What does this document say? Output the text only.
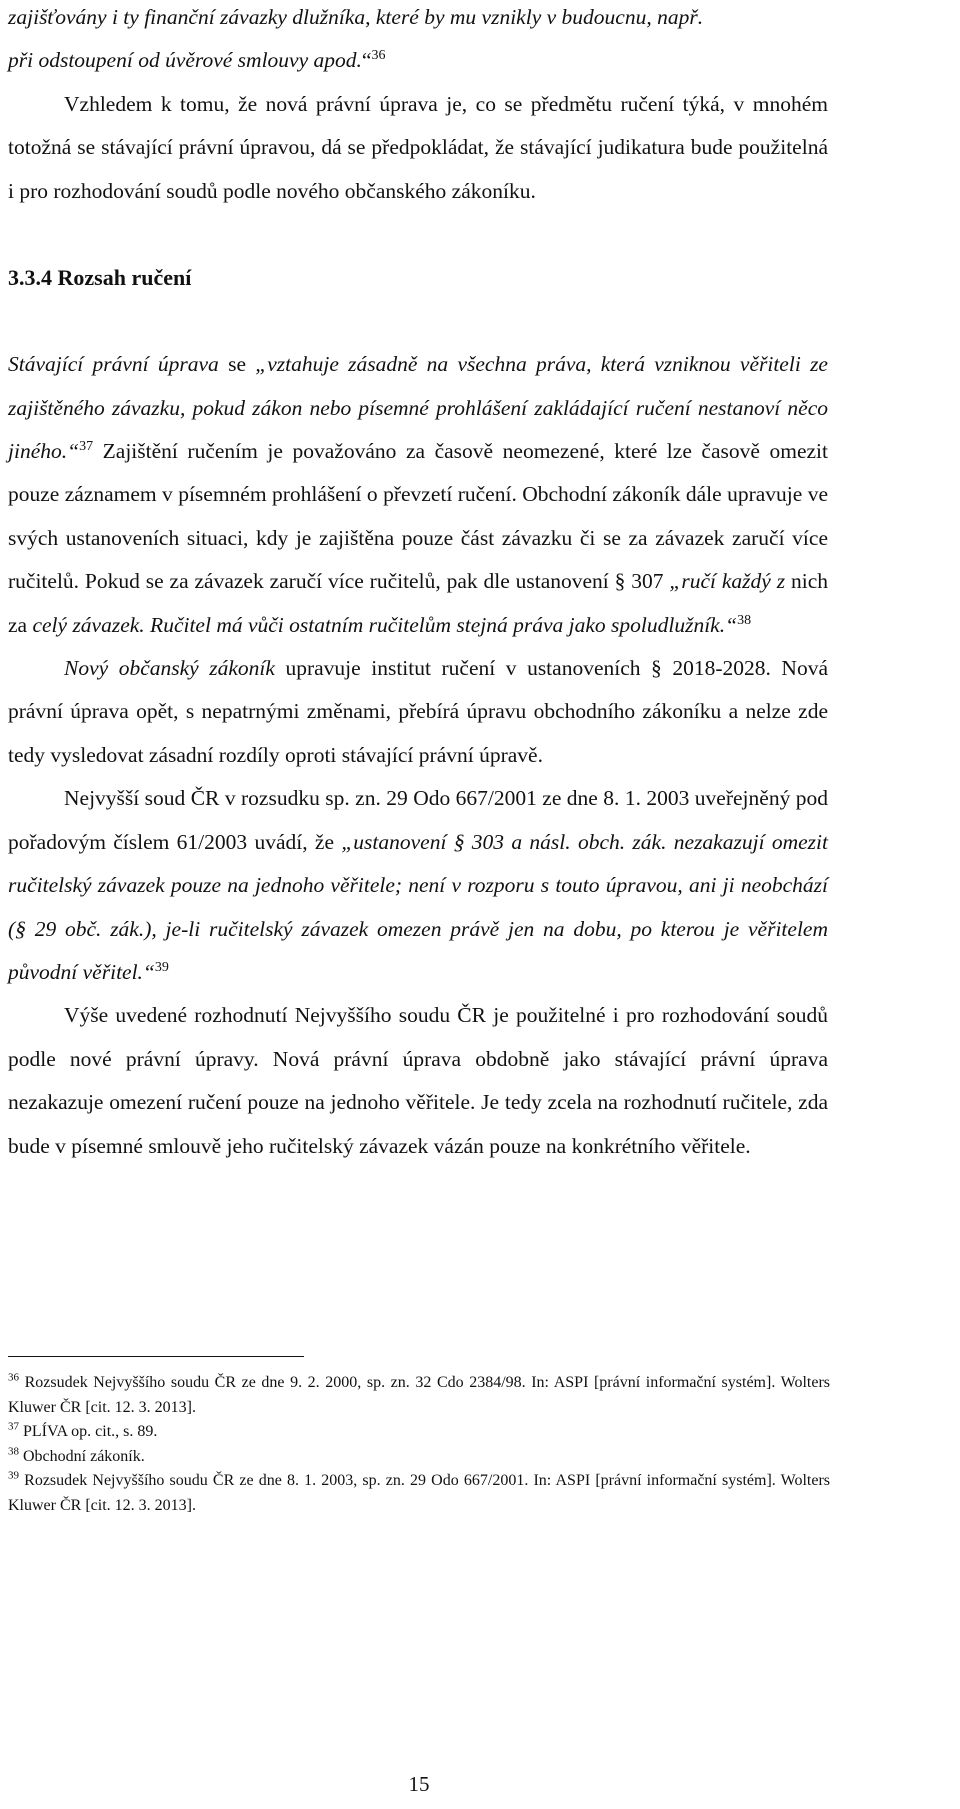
zajišťovány i ty finanční závazky dlužníka, které by mu vznikly v budoucnu, např.
při odstoupení od úvěrové smlouvy apod.“$^{36}$

Vzhledem k tomu, že nová právní úprava je, co se předmětu ručení týká, v mnohém totožná se stávající právní úpravou, dá se předpokládat, že stávající judikatura bude použitelná i pro rozhodování soudů podle nového občanského zákoníku.

3.3.4 Rozsah ručení

Stávající právní úprava se „vztahuje zásadně na všechna práva, která vzniknou věřiteli ze zajištěného závazku, pokud zákon nebo písemné prohlášení zakládající ručení nestanoví něco jiného.“$^{37}$ Zajištění ručením je považováno za časově neomezené, které lze časově omezit pouze záznamem v písemném prohlášení o převzetí ručení. Obchodní zákoník dále upravuje ve svých ustanoveních situaci, kdy je zajištěna pouze část závazku či se za závazek zaručí více ručitelů. Pokud se za závazek zaručí více ručitelů, pak dle ustanovení § 307 „ručí každý z nich za celý závazek. Ručitel má vůči ostatním ručitelům stejná práva jako spoludlužník.“$^{38}$

Nový občanský zákoník upravuje institut ručení v ustanoveních § 2018-2028. Nová právní úprava opět, s nepatrnými změnami, přebírá úpravu obchodního zákoníku a nelze zde tedy vysledovat zásadní rozdíly oproti stávající právní úpravě.

Nejvyšší soud ČR v rozsudku sp. zn. 29 Odo 667/2001 ze dne 8. 1. 2003 uveřejněný pod pořadovým číslem 61/2003 uvádí, že „ustanovení § 303 a násl. obch. zák. nezakazují omezit ručitelský závazek pouze na jednoho věřitele; není v rozporu s touto úpravou, ani ji neobchází (§ 29 obč. zák.), je-li ručitelský závazek omezen právě jen na dobu, po kterou je věřitelem původní věřitel.“$^{39}$

Výše uvedené rozhodnutí Nejvyššího soudu ČR je použitelné i pro rozhodování soudů podle nové právní úpravy. Nová právní úprava obdobně jako stávající právní úprava nezakazuje omezení ručení pouze na jednoho věřitele. Je tedy zcela na rozhodnutí ručitele, zda bude v písemné smlouvě jeho ručitelský závazek vázán pouze na konkrétního věřitele.

$^{36}$ Rozsudek Nejvyššího soudu ČR ze dne 9. 2. 2000, sp. zn. 32 Cdo 2384/98. In: ASPI [právní informační systém]. Wolters Kluwer ČR [cit. 12. 3. 2013].

$^{37}$ PLÍVA op. cit., s. 89.

$^{38}$ Obchodní zákoník.

$^{39}$ Rozsudek Nejvyššího soudu ČR ze dne 8. 1. 2003, sp. zn. 29 Odo 667/2001. In: ASPI [právní informační systém]. Wolters Kluwer ČR [cit. 12. 3. 2013].

15
